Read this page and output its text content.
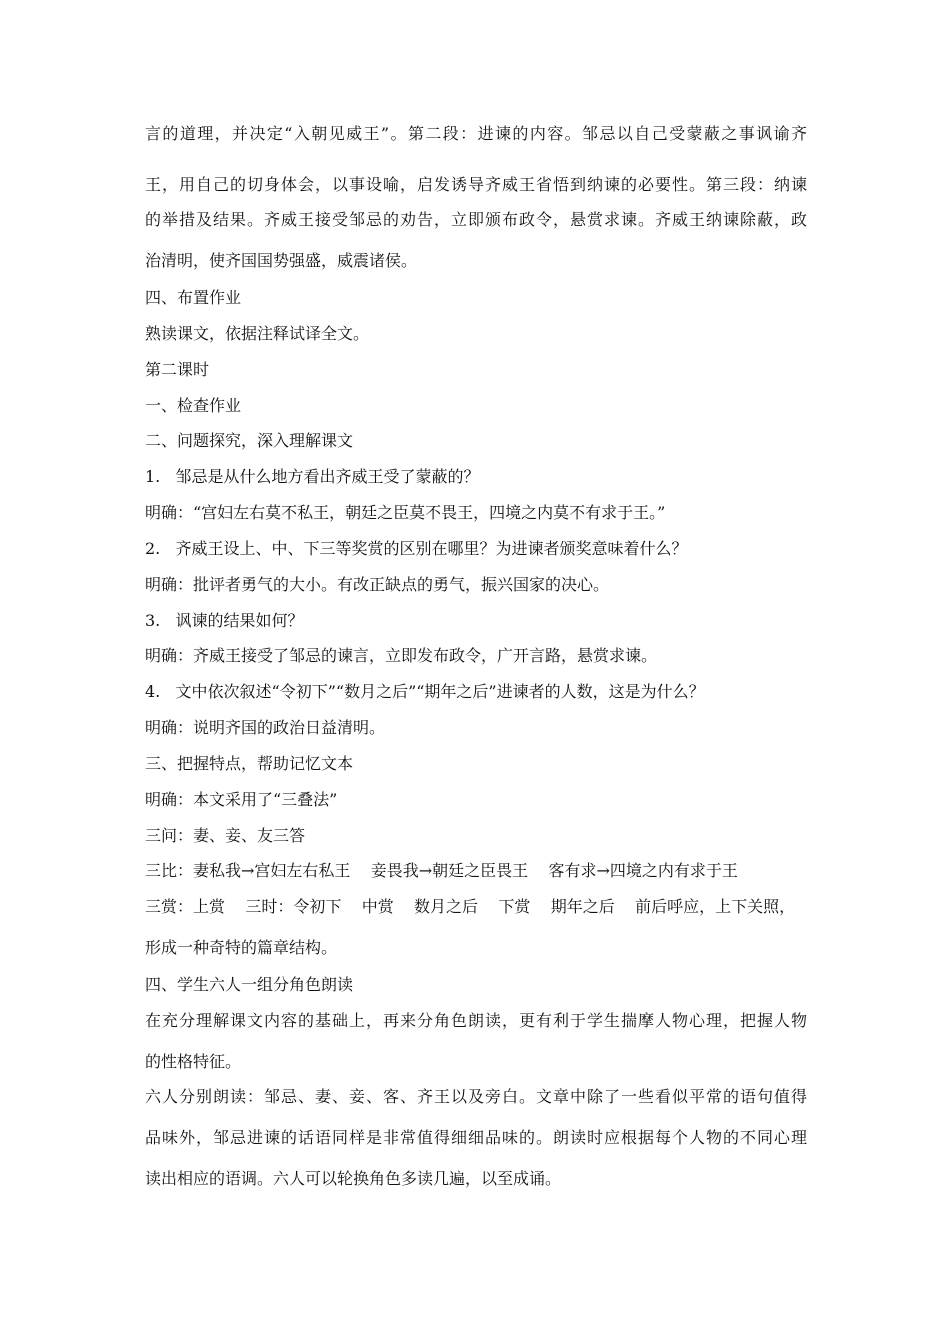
言的道理，并决定“入朝见威王”。第二段：进谏的内容。邹忌以自己受蒙蔽之事讽谕齐
王，用自己的切身体会，以事设喻，启发诱导齐威王省悟到纳谏的必要性。第三段：纳谏
的举措及结果。齐威王接受邹忌的劝告，立即颁布政令，悬赏求谏。齐威王纳谏除蔽，政
治清明，使齐国国势强盛，威震诸侯。
四、布置作业
熟读课文，依据注释试译全文。
第二课时
一、检查作业
二、问题探究，深入理解课文
1.   邹忌是从什么地方看出齐威王受了蒙蔽的？
明确：“宫妇左右莫不私王，朝廷之臣莫不畏王，四境之内莫不有求于王。”
2.   齐威王设上、中、下三等奖赏的区别在哪里？为进谏者颁奖意味着什么？
明确：批评者勇气的大小。有改正缺点的勇气，振兴国家的决心。
3.   讽谏的结果如何？
明确：齐威王接受了邹忌的谏言，立即发布政令，广开言路，悬赏求谏。
4.   文中依次叙述“令初下”“数月之后”“期年之后”进谏者的人数，这是为什么？
明确：说明齐国的政治日益清明。
三、把握特点，帮助记忆文本
明确：本文采用了“三叠法”
三问：妻、妾、友三答
三比：妻私我→宫妇左右私王    妾畏我→朝廷之臣畏王    客有求→四境之内有求于王
三赏：上赏    三时：令初下    中赏    数月之后    下赏    期年之后    前后呼应，上下关照，
形成一种奇特的篇章结构。
四、学生六人一组分角色朗读
在充分理解课文内容的基础上，再来分角色朗读，更有利于学生揣摩人物心理，把握人物
的性格特征。
六人分别朗读：邹忌、妻、妾、客、齐王以及旁白。文章中除了一些看似平常的语句值得
品味外，邹忌进谏的话语同样是非常值得细细品味的。朗读时应根据每个人物的不同心理
读出相应的语调。六人可以轮换角色多读几遍，以至成诵。
